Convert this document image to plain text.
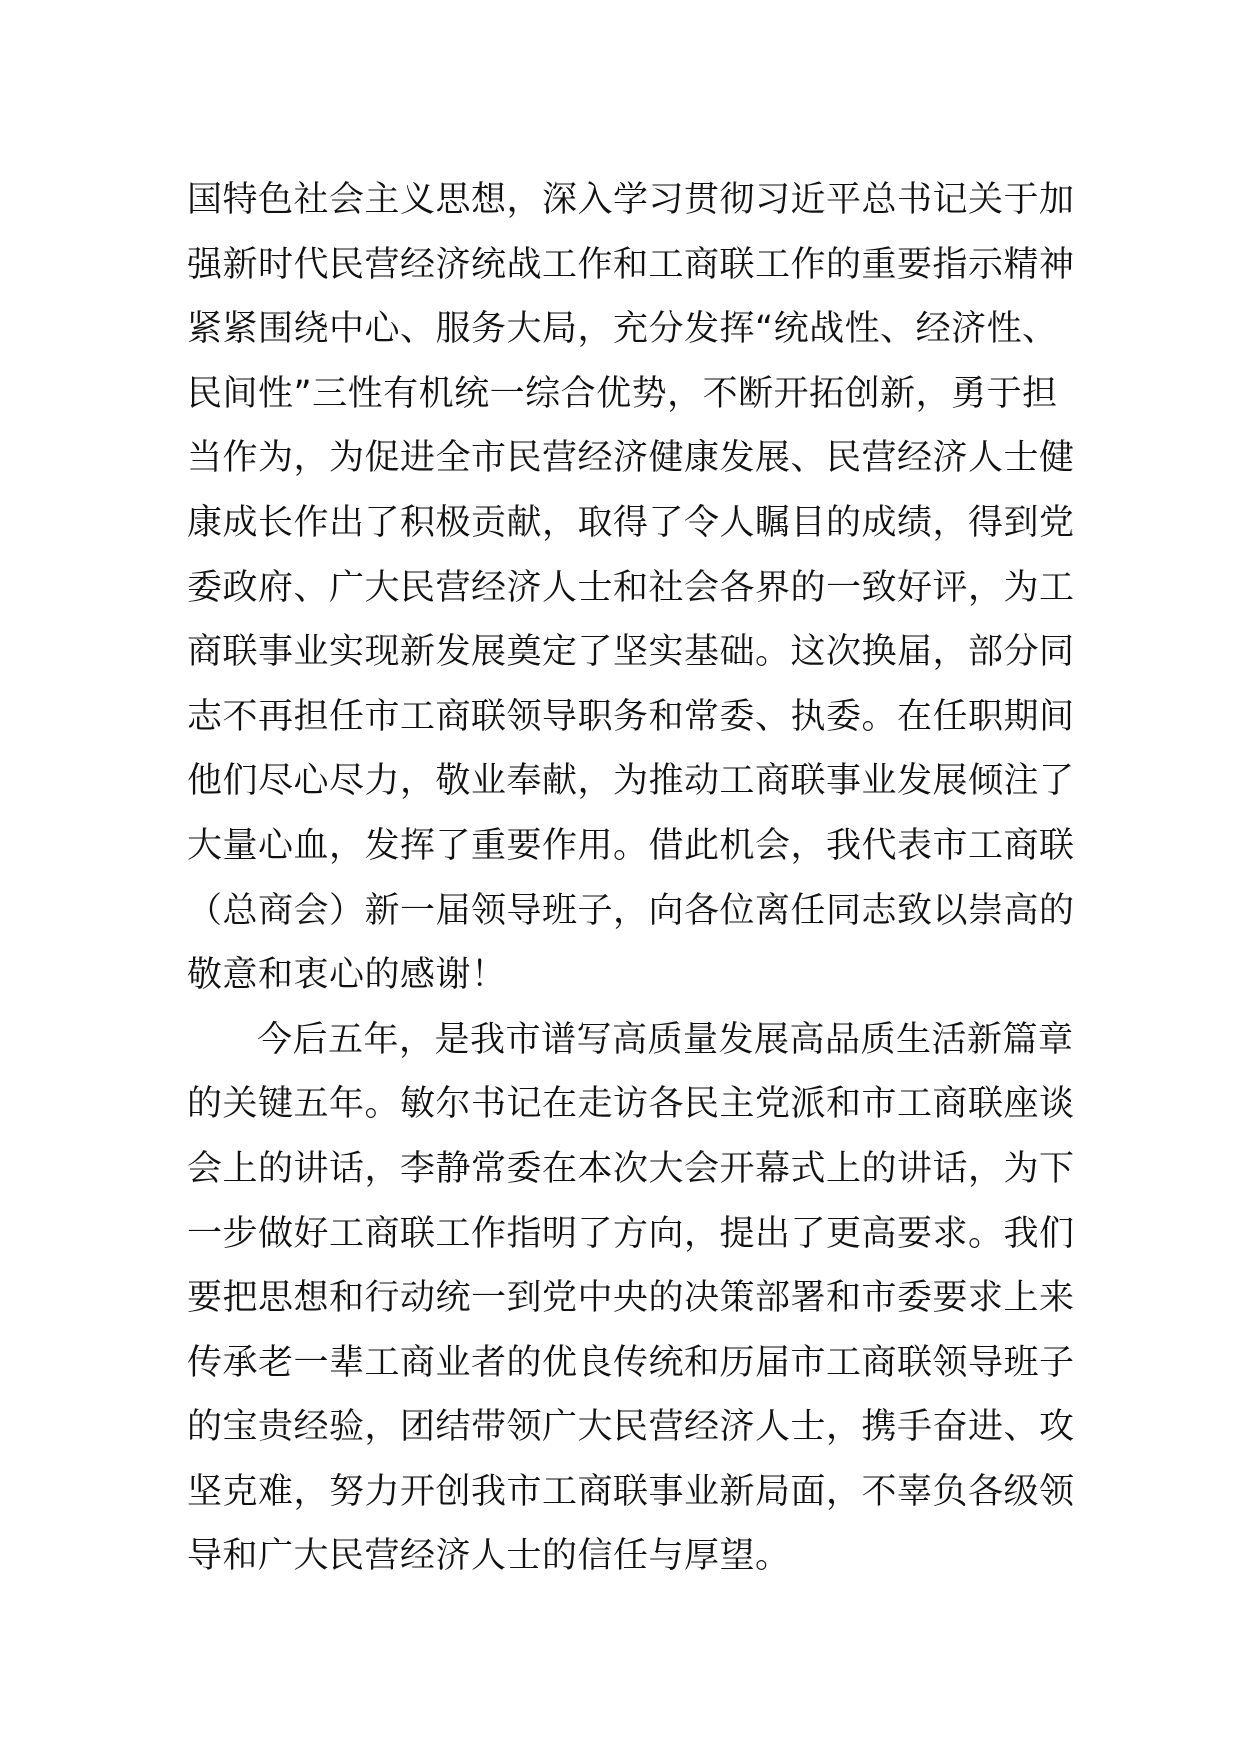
国特色社会主义思想，深入学习贯彻习近平总书记关于加
强新时代民营经济统战工作和工商联工作的重要指示精神
紧紧围绕中心、服务大局，充分发挥“统战性、经济性、
民间性”三性有机统一综合优势，不断开拓创新，勇于担
当作为，为促进全市民营经济健康发展、民营经济人士健
康成长作出了积极贡献，取得了令人瞩目的成绩，得到党
委政府、广大民营经济人士和社会各界的一致好评，为工
商联事业实现新发展奠定了坚实基础。这次换届，部分同
志不再担任市工商联领导职务和常委、执委。在任职期间
他们尽心尽力，敬业奉献，为推动工商联事业发展倾注了
大量心血，发挥了重要作用。借此机会，我代表市工商联
（总商会）新一届领导班子，向各位离任同志致以崇高的
敬意和衷心的感谢！
今后五年，是我市谱写高质量发展高品质生活新篇章
的关键五年。敏尔书记在走访各民主党派和市工商联座谈
会上的讲话，李静常委在本次大会开幕式上的讲话，为下
一步做好工商联工作指明了方向，提出了更高要求。我们
要把思想和行动统一到党中央的决策部署和市委要求上来
传承老一辈工商业者的优良传统和历届市工商联领导班子
的宝贵经验，团结带领广大民营经济人士，携手奋进、攻
坚克难，努力开创我市工商联事业新局面，不辜负各级领
导和广大民营经济人士的信任与厚望。
